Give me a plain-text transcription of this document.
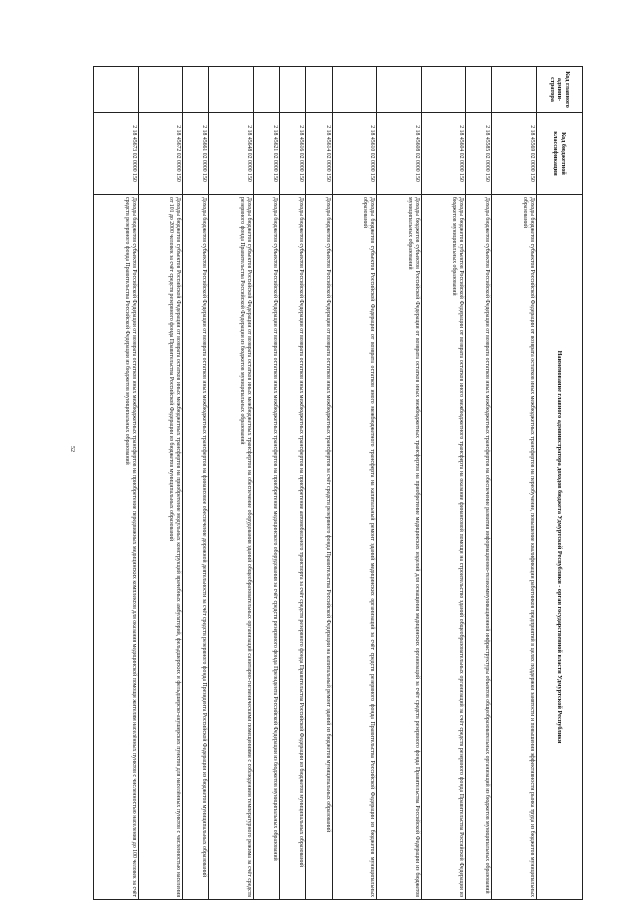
52
Код главного админи-стратора	Код бюджетной классификации	Наименование главного администратора доходов бюджета Удмуртской Республики - орган государственной власти Удмуртской Республики
	2 18 45569 02 0000 150	Доходы бюджетов субъектов Российской Федерации от возврата остатков иных межбюджетных трансфертов на переобучение, повышение квалификации работников предприятий в целях поддержки занятости и повышения эффективности рынка труда из бюджетов муниципальных образований
	2 18 45585 02 0000 150	Доходы бюджетов субъектов Российской Федерации от возврата остатков иных межбюджетных трансфертов на обеспечение развития информационно-телекоммуникационной инфраструктуры объектов общеобразовательных организаций из бюджетов муниципальных образований
	2 18 45604 02 0000 150	Доходы бюджетов субъектов Российской Федерации от возврата остатков иного межбюджетного трансферта на оказание финансовой помощи на строительство зданий общеобразовательных организаций за счёт средств резервного фонда Правительства Российской Федерации из бюджетов муниципальных образований
	2 18 45608 02 0000 150	Доходы бюджетов субъектов Российской Федерации от возврата остатков иных межбюджетных трансфертов на приобретение медицинских изделий для оснащения медицинских организаций за счёт средств резервного фонда Правительства Российской Федерации из бюджетов муниципальных образований
	2 18 45610 02 0000 150	Доходы бюджетов субъектов Российской Федерации от возврата остатков иного межбюджетного трансферта на капитальный ремонт зданий медицинских организаций за счёт средств резервного фонда Правительства Российской Федерации из бюджетов муниципальных образований
	2 18 45614 02 0000 150	Доходы бюджетов субъектов Российской Федерации от возврата остатков иных межбюджетных трансфертов за счёт средств резервного фонда Правительства Российской Федерации на капитальный ремонт зданий из бюджетов муниципальных образований
	2 18 45616 02 0000 150	Доходы бюджетов субъектов Российской Федерации от возврата остатков иных межбюджетных трансфертов на приобретение автомобильного транспорта за счёт средств резервного фонда Правительства Российской Федерации из бюджетов муниципальных образований
	2 18 45621 02 0000 150	Доходы бюджетов субъектов Российской Федерации от возврата остатков иных межбюджетных трансфертов на приобретение медицинского оборудования за счёт средств резервного фонда Президента Российской Федерации из бюджетов муниципальных образований
	2 18 45648 02 0000 150	Доходы бюджетов субъектов Российской Федерации от возврата остатков иных межбюджетных трансфертов на обеспечение оборудования зданий общеобразовательных организаций санитарно-гигиеническими помещениями с соблюдением температурного режима за счёт средств резервного фонда Правительства Российской Федерации из бюджетов муниципальных образований
	2 18 45661 02 0000 150	Доходы бюджетов субъектов Российской Федерации от возврата остатков иных межбюджетных трансфертов на финансовое обеспечение дорожной деятельности за счёт средств резервного фонда Президента Российской Федерации из бюджетов муниципальных образований
	2 18 45672 02 0000 150	Доходы бюджетов субъектов Российской Федерации от возврата остатков иных межбюджетных трансфертов на приобретение модульных конструкций врачебных амбулаторий, фельдшерских и фельдшерско-акушерских пунктов для населённых пунктов с численностью населения от 101 до 2000 человек за счёт средств резервного фонда Правительства Российской Федерации из бюджетов муниципальных образований
	2 18 45673 02 0000 150	Доходы бюджетов субъектов Российской Федерации от возврата остатков иных межбюджетных трансфертов на приобретение передвижных медицинских комплексов для оказания медицинской помощи жителям населённых пунктов с численностью населения до 100 человек за счёт средств резервного фонда Правительства Российской Федерации из бюджетов муниципальных образований
